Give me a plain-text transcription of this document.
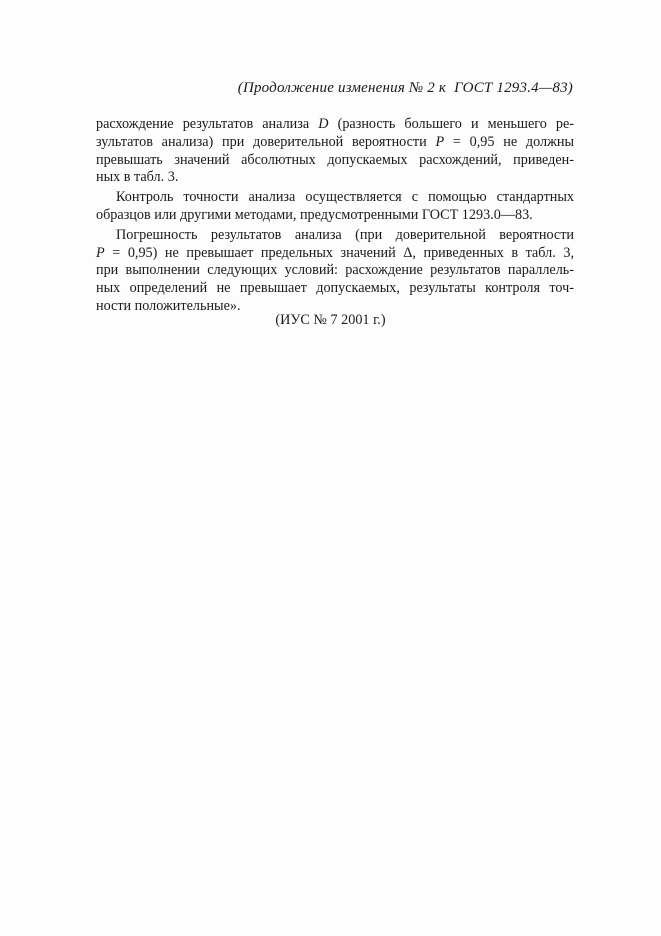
(Продолжение изменения № 2 к ГОСТ 1293.4—83)
расхождение результатов анализа D (разность большего и меньшего ре-
зультатов анализа) при доверительной вероятности P = 0,95 не должны
превышать значений абсолютных допускаемых расхождений, приведен-
ных в табл. 3.
Контроль точности анализа осуществляется с помощью стандартных
образцов или другими методами, предусмотренными ГОСТ 1293.0—83.
Погрешность результатов анализа (при доверительной вероятности
P = 0,95) не превышает предельных значений Δ, приведенных в табл. 3,
при выполнении следующих условий: расхождение результатов параллель-
ных определений не превышает допускаемых, результаты контроля точ-
ности положительные».
(ИУС № 7 2001 г.)
